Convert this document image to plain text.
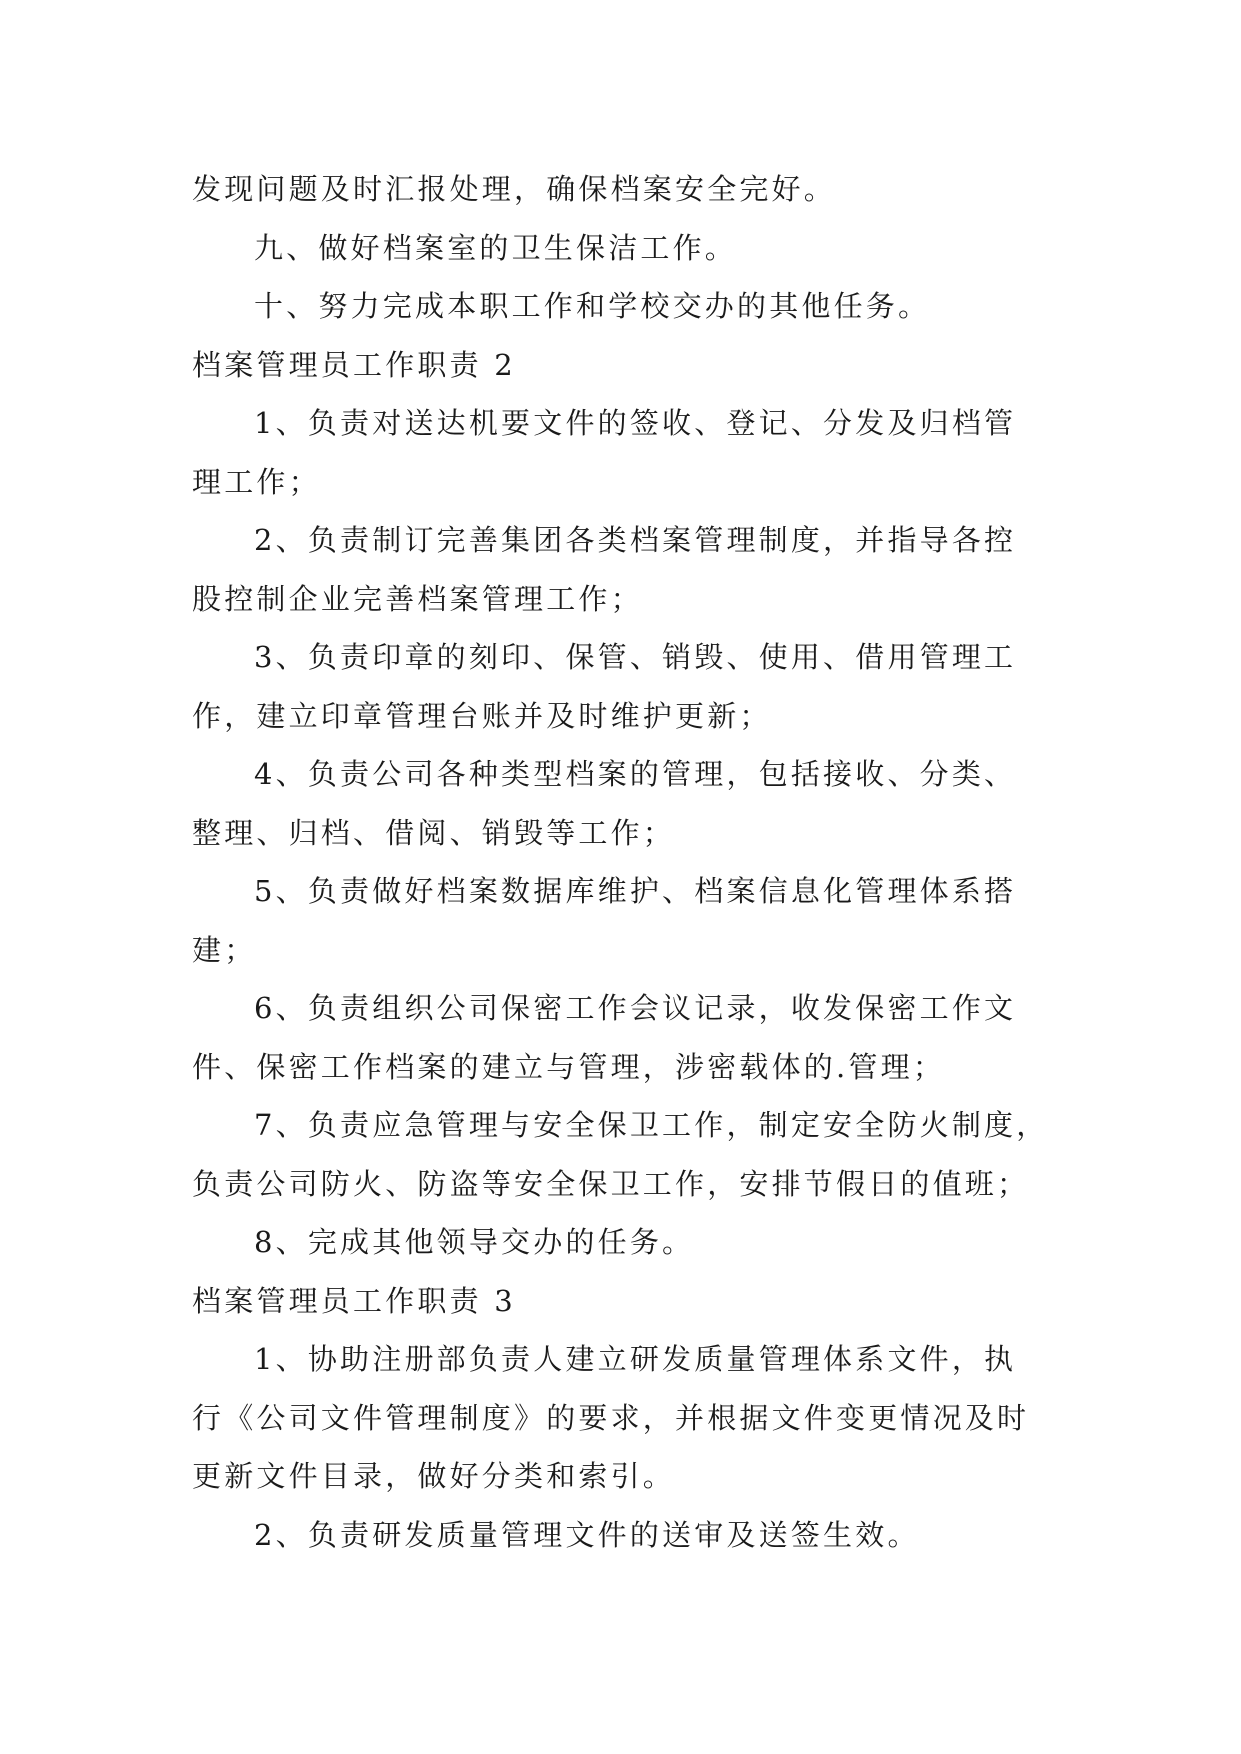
发现问题及时汇报处理，确保档案安全完好。
九、做好档案室的卫生保洁工作。
十、努力完成本职工作和学校交办的其他任务。
档案管理员工作职责 2
1、负责对送达机要文件的签收、登记、分发及归档管
理工作；
2、负责制订完善集团各类档案管理制度，并指导各控
股控制企业完善档案管理工作；
3、负责印章的刻印、保管、销毁、使用、借用管理工
作，建立印章管理台账并及时维护更新；
4、负责公司各种类型档案的管理，包括接收、分类、
整理、归档、借阅、销毁等工作；
5、负责做好档案数据库维护、档案信息化管理体系搭
建；
6、负责组织公司保密工作会议记录，收发保密工作文
件、保密工作档案的建立与管理，涉密载体的.管理；
7、负责应急管理与安全保卫工作，制定安全防火制度，
负责公司防火、防盗等安全保卫工作，安排节假日的值班；
8、完成其他领导交办的任务。
档案管理员工作职责 3
1、协助注册部负责人建立研发质量管理体系文件，执
行《公司文件管理制度》的要求，并根据文件变更情况及时
更新文件目录，做好分类和索引。
2、负责研发质量管理文件的送审及送签生效。
